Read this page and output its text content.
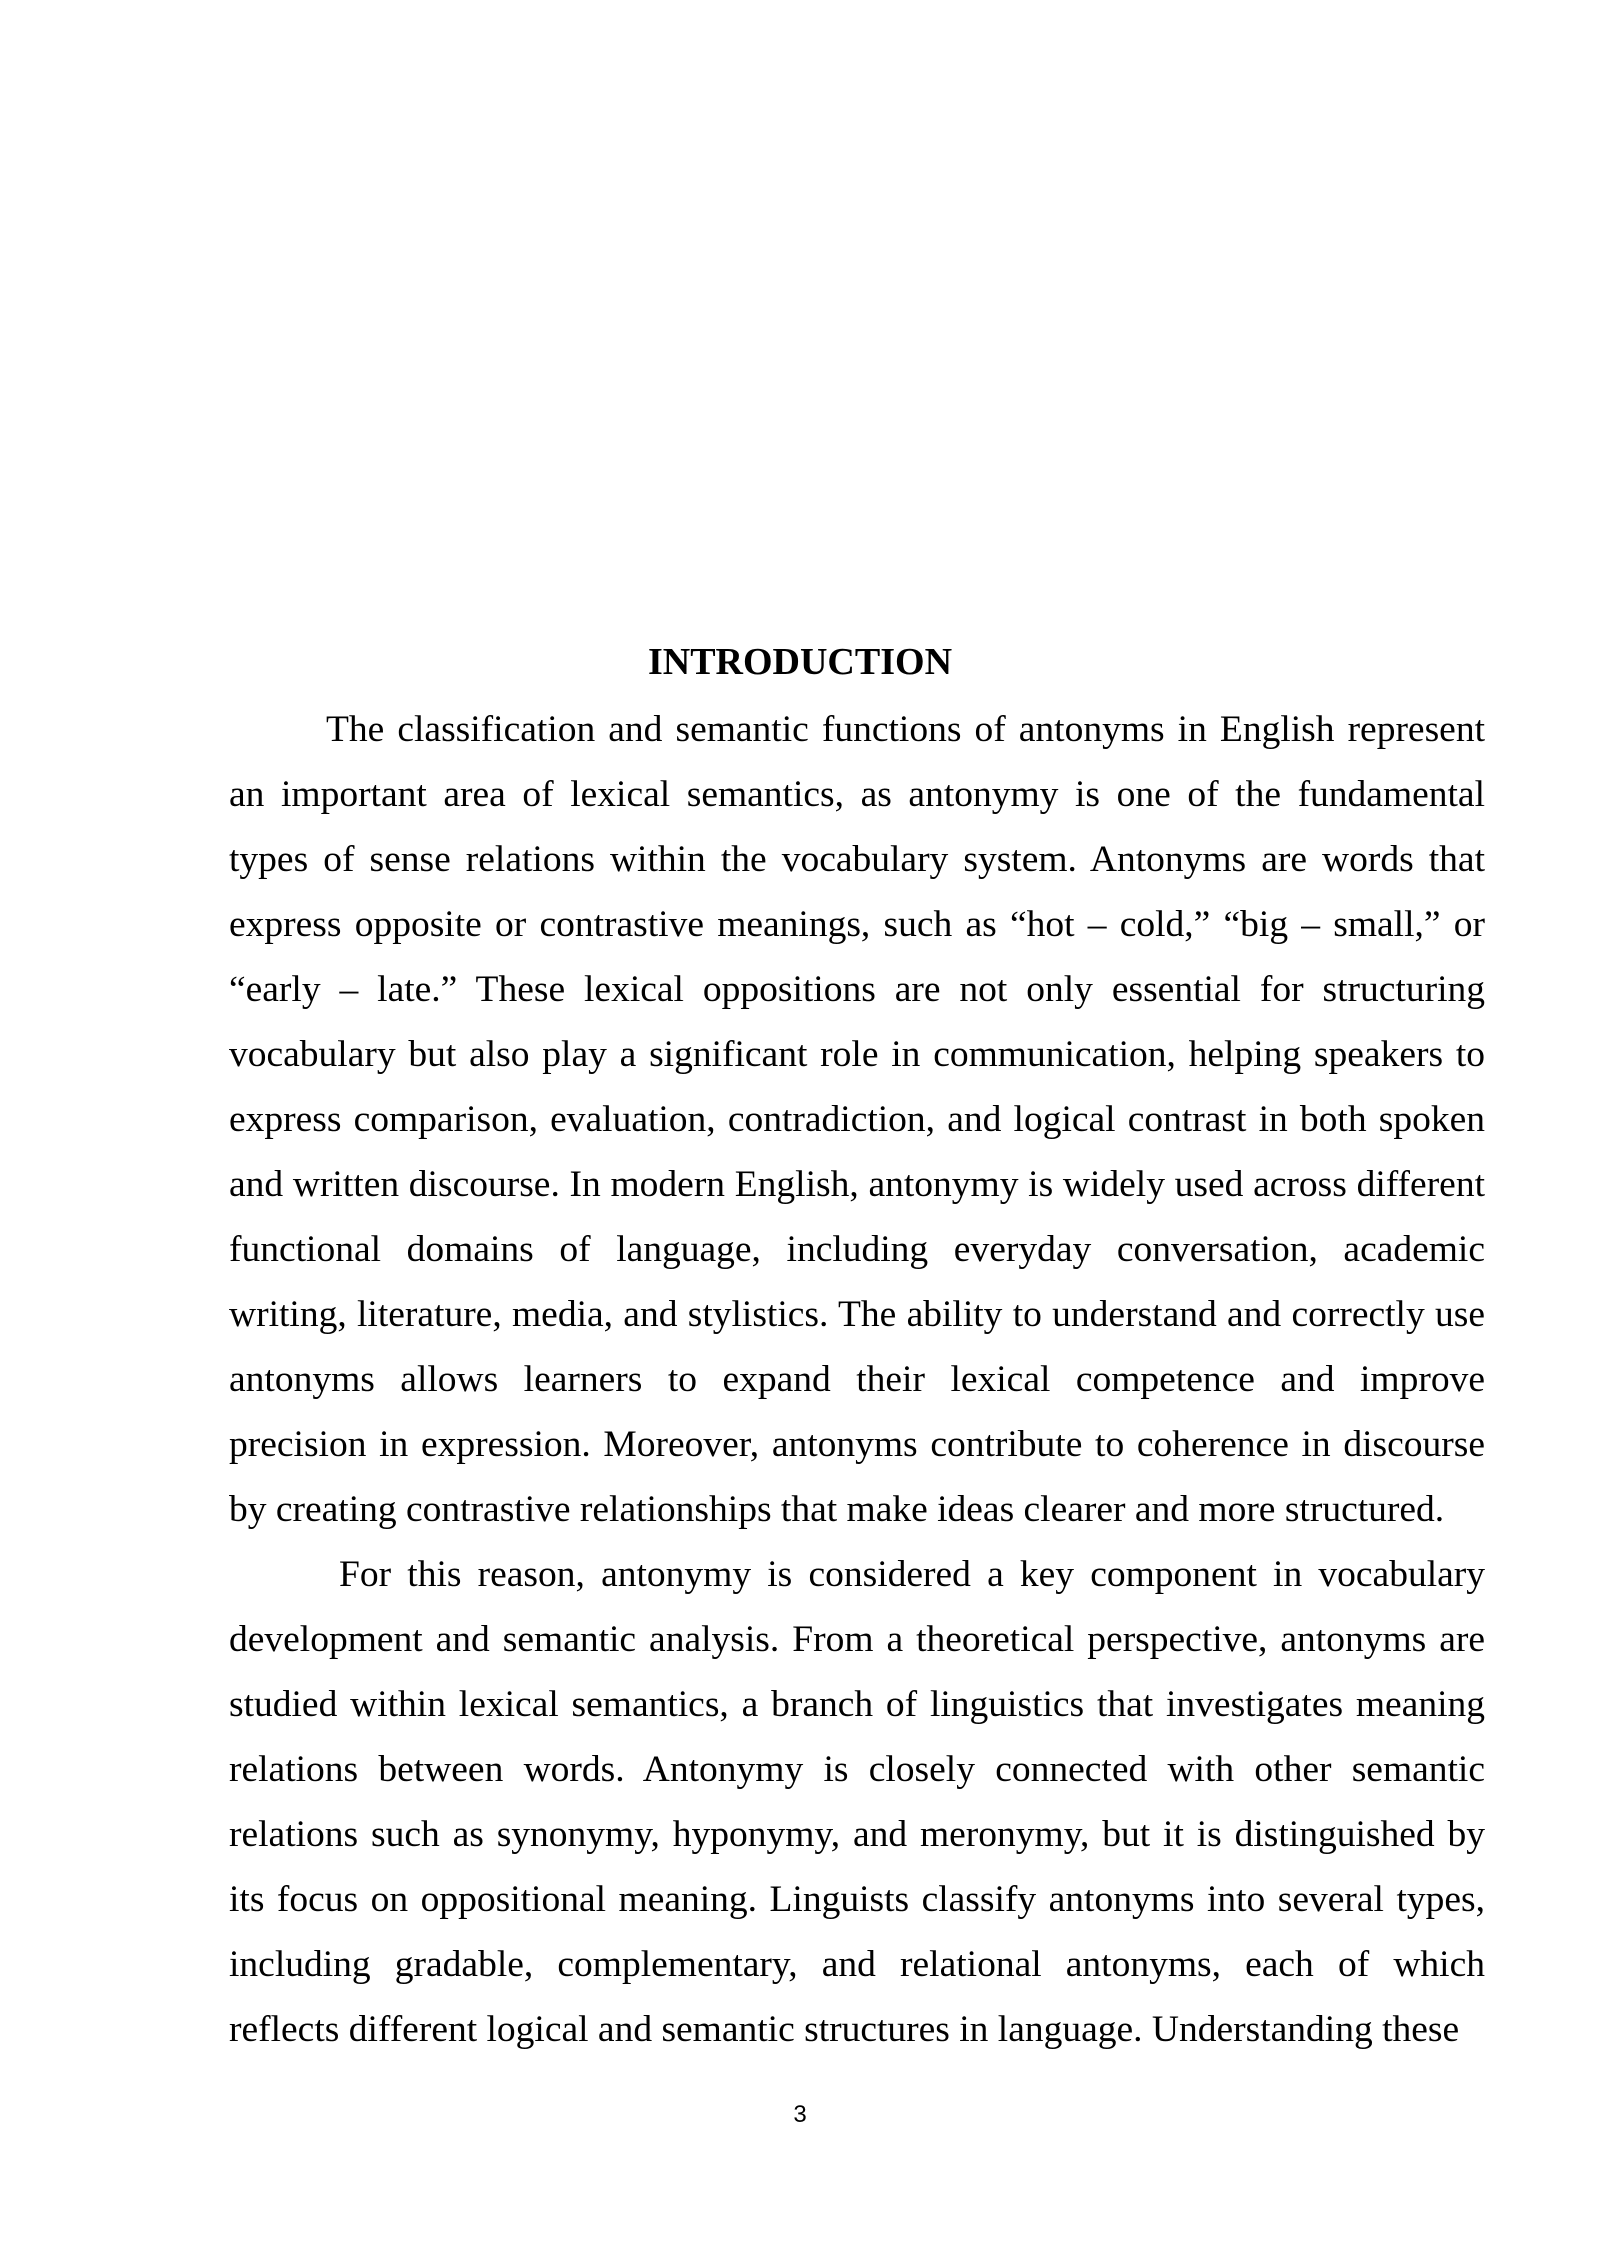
INTRODUCTION

The classification and semantic functions of antonyms in English represent an important area of lexical semantics, as antonymy is one of the fundamental types of sense relations within the vocabulary system. Antonyms are words that express opposite or contrastive meanings, such as “hot – cold,” “big – small,” or “early – late.” These lexical oppositions are not only essential for structuring vocabulary but also play a significant role in communication, helping speakers to express comparison, evaluation, contradiction, and logical contrast in both spoken and written discourse. In modern English, antonymy is widely used across different functional domains of language, including everyday conversation, academic writing, literature, media, and stylistics. The ability to understand and correctly use antonyms allows learners to expand their lexical competence and improve precision in expression. Moreover, antonyms contribute to coherence in discourse by creating contrastive relationships that make ideas clearer and more structured.

For this reason, antonymy is considered a key component in vocabulary development and semantic analysis. From a theoretical perspective, antonyms are studied within lexical semantics, a branch of linguistics that investigates meaning relations between words. Antonymy is closely connected with other semantic relations such as synonymy, hyponymy, and meronymy, but it is distinguished by its focus on oppositional meaning. Linguists classify antonyms into several types, including gradable, complementary, and relational antonyms, each of which reflects different logical and semantic structures in language. Understanding these

3
